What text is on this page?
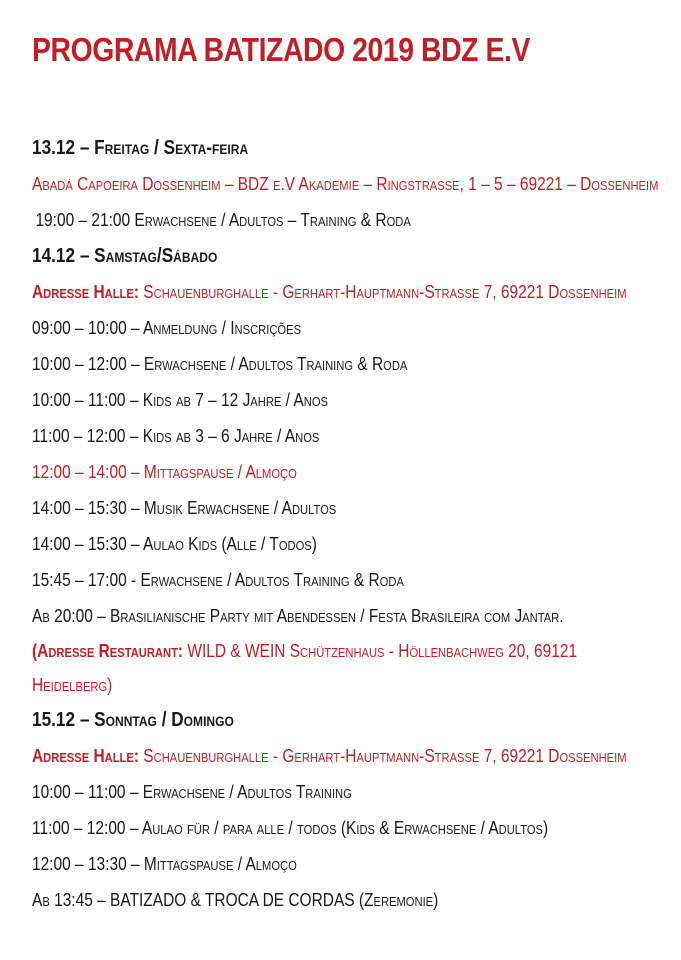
PROGRAMA BATIZADO 2019 BDZ E.V
13.12 – Freitag / Sexta-feira
Abadá Capoeira Dossenheim – BDZ e.V Akademie – Ringstraße, 1 – 5 – 69221 – Dossenheim
19:00 – 21:00 Erwachsene / Adultos – Training & Roda
14.12 – Samstag/Sábado
Adresse Halle: Schauenburghalle - Gerhart-Hauptmann-Straße 7, 69221 Dossenheim
09:00 – 10:00 – Anmeldung / Inscrições
10:00 – 12:00 – Erwachsene / Adultos Training & Roda
10:00 – 11:00 – Kids ab 7 – 12 Jahre / Anos
11:00 – 12:00 – Kids ab 3 – 6 Jahre / Anos
12:00 – 14:00 – Mittagspause / Almoço
14:00 – 15:30 – Musik Erwachsene / Adultos
14:00 – 15:30 – Aulao Kids (Alle / Todos)
15:45 – 17:00 - Erwachsene / Adultos Training & Roda
Ab 20:00 – Brasilianische Party mit Abendessen / Festa Brasileira com Jantar.
(Adresse Restaurant: WILD & WEIN Schützenhaus - Höllenbachweg 20, 69121 Heidelberg)
15.12 – Sonntag / Domingo
Adresse Halle: Schauenburghalle - Gerhart-Hauptmann-Straße 7, 69221 Dossenheim
10:00 – 11:00 – Erwachsene / Adultos Training
11:00 – 12:00 – Aulao für / para alle / todos (Kids & Erwachsene / Adultos)
12:00 – 13:30 – Mittagspause / Almoço
Ab 13:45 – BATIZADO & TROCA DE CORDAS (Zeremonie)
